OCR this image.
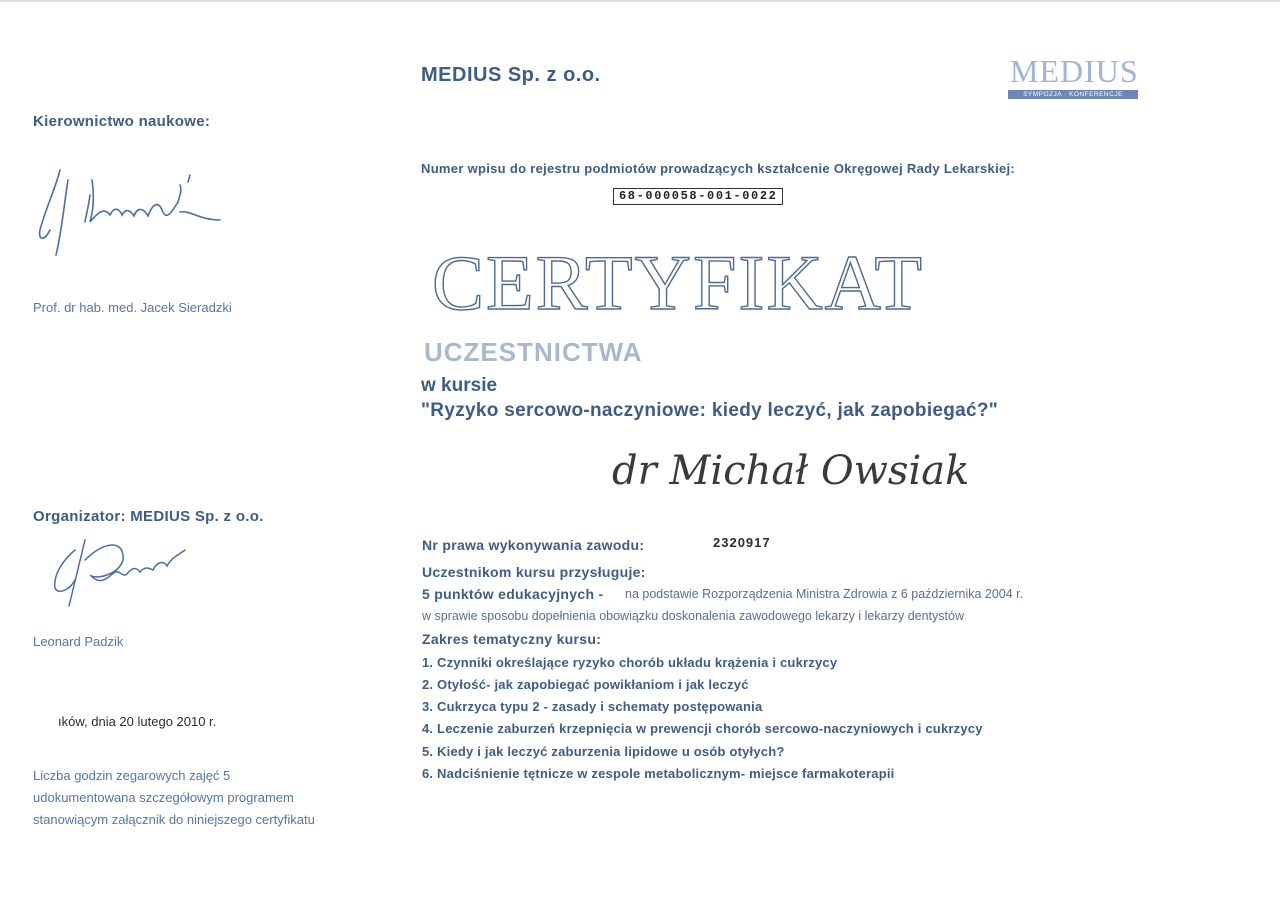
Kierownictwo naukowe:
Prof. dr hab. med. Jacek Sieradzki
Organizator: MEDIUS Sp. z o.o.
Leonard Padzik
ıków, dnia 20 lutego 2010 r.
Liczba godzin zegarowych zajęć 5
udokumentowana szczegółowym programem
stanowiącym załącznik do niniejszego certyfikatu
MEDIUS Sp. z o.o.	MEDIUS
SYMPOZJA · KONFERENCJE
Numer wpisu do rejestru podmiotów prowadzących kształcenie Okręgowej Rady Lekarskiej:
68-000058-001-0022
CERTYFIKAT
UCZESTNICTWA
w kursie
"Ryzyko sercowo-naczyniowe: kiedy leczyć, jak zapobiegać?"
dr Michał Owsiak
Nr prawa wykonywania zawodu:	2320917
Uczestnikom kursu przysługuje:
5 punktów edukacyjnych - na podstawie Rozporządzenia Ministra Zdrowia z 6 października 2004 r.
w sprawie sposobu dopełnienia obowiązku doskonalenia zawodowego lekarzy i lekarzy dentystów
Zakres tematyczny kursu:
1. Czynniki określające ryzyko chorób układu krążenia i cukrzycy
2. Otyłość- jak zapobiegać powikłaniom i jak leczyć
3. Cukrzyca typu 2 - zasady i schematy postępowania
4. Leczenie zaburzeń krzepnięcia w prewencji chorób sercowo-naczyniowych i cukrzycy
5. Kiedy i jak leczyć zaburzenia lipidowe u osób otyłych?
6. Nadciśnienie tętnicze w zespole metabolicznym- miejsce farmakoterapii
